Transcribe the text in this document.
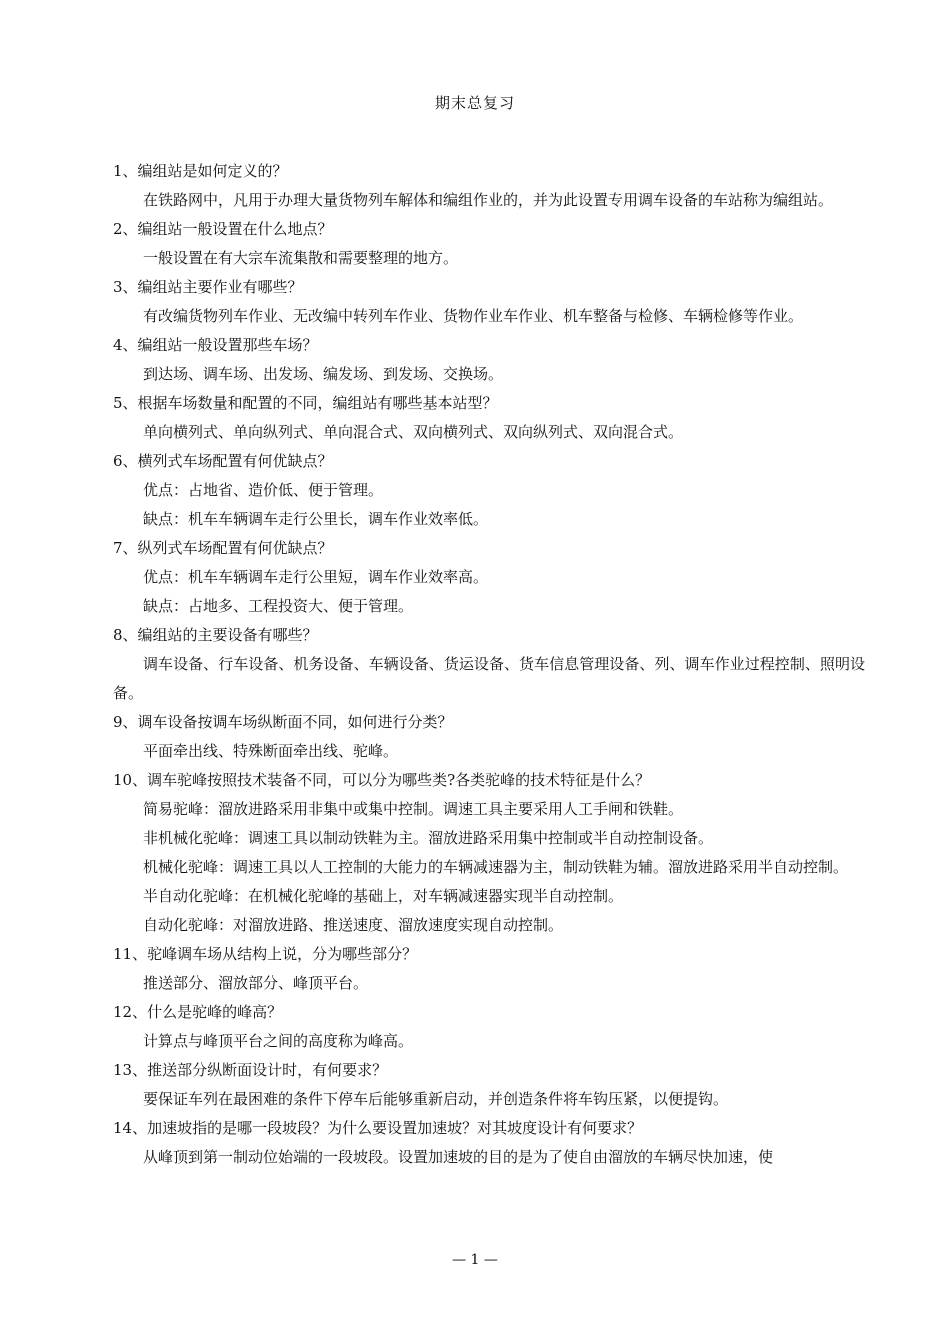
期末总复习

1、编组站是如何定义的？

在铁路网中，凡用于办理大量货物列车解体和编组作业的，并为此设置专用调车设备的车站称为编组站。

2、编组站一般设置在什么地点？

一般设置在有大宗车流集散和需要整理的地方。

3、编组站主要作业有哪些？

有改编货物列车作业、无改编中转列车作业、货物作业车作业、机车整备与检修、车辆检修等作业。

4、编组站一般设置那些车场？

到达场、调车场、出发场、编发场、到发场、交换场。

5、根据车场数量和配置的不同，编组站有哪些基本站型？

单向横列式、单向纵列式、单向混合式、双向横列式、双向纵列式、双向混合式。

6、横列式车场配置有何优缺点？

优点：占地省、造价低、便于管理。

缺点：机车车辆调车走行公里长，调车作业效率低。

7、纵列式车场配置有何优缺点？

优点：机车车辆调车走行公里短，调车作业效率高。

缺点：占地多、工程投资大、便于管理。

8、编组站的主要设备有哪些？

调车设备、行车设备、机务设备、车辆设备、货运设备、货车信息管理设备、列、调车作业过程控制、照明设备。

9、调车设备按调车场纵断面不同，如何进行分类？

平面牵出线、特殊断面牵出线、驼峰。

10、调车驼峰按照技术装备不同，可以分为哪些类?各类驼峰的技术特征是什么？

简易驼峰：溜放进路采用非集中或集中控制。调速工具主要采用人工手闸和铁鞋。

非机械化驼峰：调速工具以制动铁鞋为主。溜放进路采用集中控制或半自动控制设备。

机械化驼峰：调速工具以人工控制的大能力的车辆减速器为主，制动铁鞋为辅。溜放进路采用半自动控制。

半自动化驼峰：在机械化驼峰的基础上，对车辆减速器实现半自动控制。

自动化驼峰：对溜放进路、推送速度、溜放速度实现自动控制。

11、驼峰调车场从结构上说，分为哪些部分？

推送部分、溜放部分、峰顶平台。

12、什么是驼峰的峰高？

计算点与峰顶平台之间的高度称为峰高。

13、推送部分纵断面设计时，有何要求？

要保证车列在最困难的条件下停车后能够重新启动，并创造条件将车钩压紧，以便提钩。

14、加速坡指的是哪一段坡段？为什么要设置加速坡？对其坡度设计有何要求？

从峰顶到第一制动位始端的一段坡段。设置加速坡的目的是为了使自由溜放的车辆尽快加速，使

— 1 —
